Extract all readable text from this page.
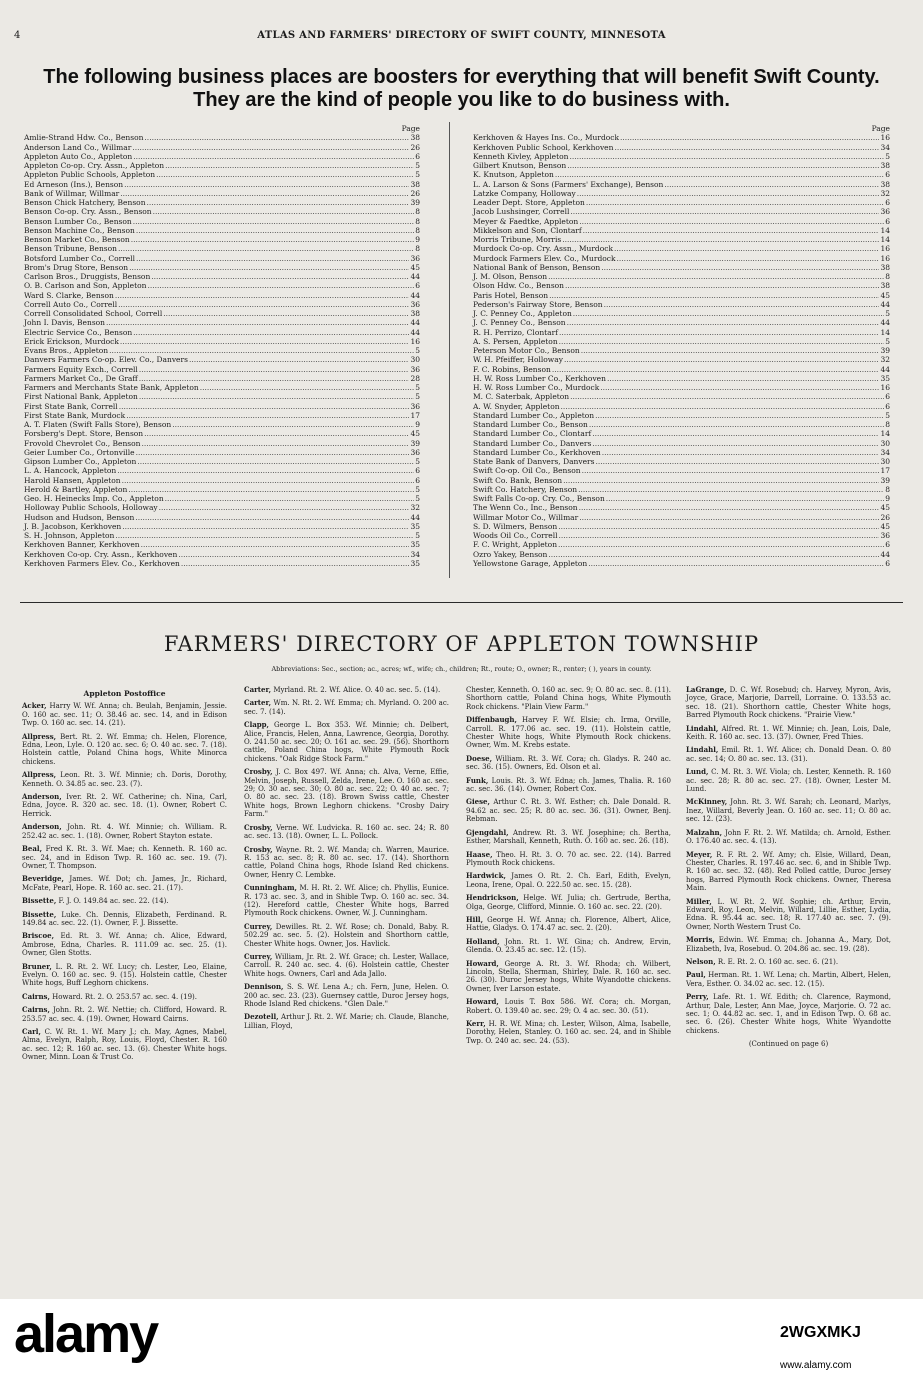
4	ATLAS AND FARMERS' DIRECTORY OF SWIFT COUNTY, MINNESOTA
The following business places are boosters for everything that will benefit Swift County. They are the kind of people you like to do business with.
Page
Amlie-Strand Hdw. Co., Benson .....	38
Anderson Land Co., Willmar .....	26
Appleton Auto Co., Appleton .....	6
Appleton Co-op. Cry. Assn., Appleton .....	5
Appleton Public Schools, Appleton .....	5
Ed Arneson (Ins.), Benson .....	38
Bank of Willmar, Willmar .....	26
Benson Chick Hatchery, Benson .....	39
Benson Co-op. Cry. Assn., Benson .....	8
Benson Lumber Co., Benson .....	8
Benson Machine Co., Benson .....	8
Benson Market Co., Benson .....	9
Benson Tribune, Benson .....	8
Botsford Lumber Co., Correll .....	36
Brom's Drug Store, Benson .....	45
Carlson Bros., Druggists, Benson .....	44
O. B. Carlson and Son, Appleton .....	6
Ward S. Clarke, Benson .....	44
Correll Auto Co., Correll .....	36
Correll Consolidated School, Correll .....	38
John I. Davis, Benson .....	44
Electric Service Co., Benson .....	44
Erick Erickson, Murdock .....	16
Evans Bros., Appleton .....	5
Danvers Farmers Co-op. Elev. Co., Danvers .....	30
Farmers Equity Exch., Correll .....	36
Farmers Market Co., De Graff .....	28
Farmers and Merchants State Bank, Appleton .....	5
First National Bank, Appleton .....	5
First State Bank, Correll .....	36
First State Bank, Murdock .....	17
A. T. Flaten (Swift Falls Store), Benson .....	9
Forsberg's Dept. Store, Benson .....	45
Frovold Chevrolet Co., Benson .....	39
Geier Lumber Co., Ortonville .....	36
Gipson Lumber Co., Appleton .....	5
L. A. Hancock, Appleton .....	6
Harold Hansen, Appleton .....	6
Herold & Bartley, Appleton .....	5
Geo. H. Heinecks Imp. Co., Appleton .....	5
Holloway Public Schools, Holloway .....	32
Hudson and Hudson, Benson .....	44
J. B. Jacobson, Kerkhoven .....	35
S. H. Johnson, Appleton .....	5
Kerkhoven Banner, Kerkhoven .....	35
Kerkhoven Co-op. Cry. Assn., Kerkhoven .....	34
Kerkhoven Farmers Elev. Co., Kerkhoven .....	35
Page
Kerkhoven & Hayes Ins. Co., Murdock .....	16
Kerkhoven Public School, Kerkhoven .....	34
Kenneth Kivley, Appleton .....	5
Gilbert Knutson, Benson .....	38
K. Knutson, Appleton .....	6
L. A. Larson & Sons (Farmers' Exchange), Benson .....	38
Latzke Company, Holloway .....	32
Leader Dept. Store, Appleton .....	6
Jacob Lushsinger, Correll .....	36
Meyer & Faedtke, Appleton .....	6
Mikkelson and Son, Clontarf .....	14
Morris Tribune, Morris .....	14
Murdock Co-op. Cry. Assn., Murdock .....	16
Murdock Farmers Elev. Co., Murdock .....	16
National Bank of Benson, Benson .....	38
J. M. Olson, Benson .....	8
Olson Hdw. Co., Benson .....	38
Paris Hotel, Benson .....	45
Pederson's Fairway Store, Benson .....	44
J. C. Penney Co., Appleton .....	5
J. C. Penney Co., Benson .....	44
R. H. Perrizo, Clontarf .....	14
A. S. Persen, Appleton .....	5
Peterson Motor Co., Benson .....	39
W. H. Pfeiffer, Holloway .....	32
F. C. Robins, Benson .....	44
H. W. Ross Lumber Co., Kerkhoven .....	35
H. W. Ross Lumber Co., Murdock .....	16
M. C. Saterbak, Appleton .....	6
A. W. Snyder, Appleton .....	6
Standard Lumber Co., Appleton .....	5
Standard Lumber Co., Benson .....	8
Standard Lumber Co., Clontarf .....	14
Standard Lumber Co., Danvers .....	30
Standard Lumber Co., Kerkhoven .....	34
State Bank of Danvers, Danvers .....	30
Swift Co-op. Oil Co., Benson .....	17
Swift Co. Bank, Benson .....	39
Swift Co. Hatchery, Benson .....	8
Swift Falls Co-op. Cry. Co., Benson .....	9
The Wenn Co., Inc., Benson .....	45
Willmar Motor Co., Willmar .....	26
S. D. Wilmers, Benson .....	45
Woods Oil Co., Correll .....	36
F. C. Wright, Appleton .....	6
Ozro Yakey, Benson .....	44
Yellowstone Garage, Appleton .....	6
FARMERS' DIRECTORY OF APPLETON TOWNSHIP
Abbreviations: Sec., section; ac., acres; wf., wife; ch., children; Rt., route; O., owner; R., renter; ( ), years in county.
Appleton Postoffice
Acker, Harry W. Wf. Anna; ch. Beulah, Benjamin, Jessie. O. 160 ac. sec. 11; O. 38.46 ac. sec. 14, and in Edison Twp. O. 160 ac. sec. 14. (21).
Allpress, Bert. Rt. 2. Wf. Emma; ch. Helen, Florence, Edna, Leon, Lyle. O. 120 ac. sec. 6; O. 40 ac. sec. 7. (18). Holstein cattle, Poland China hogs, White Minorca chickens.
Allpress, Leon. Rt. 3. Wf. Minnie; ch. Doris, Dorothy, Kenneth. O. 34.85 ac. sec. 23. (7).
Anderson, Iver. Rt. 2. Wf. Catherine; ch. Nina, Carl, Edna, Joyce. R. 320 ac. sec. 18. (1). Owner, Robert C. Herrick.
Anderson, John. Rt. 4. Wf. Minnie; ch. William. R. 252.42 ac. sec. 1. (18). Owner, Robert Stayton estate.
Beal, Fred K. Rt. 3. Wf. Mae; ch. Kenneth. R. 160 ac. sec. 24, and in Edison Twp. R. 160 ac. sec. 19. (7). Owner, T. Thompson.
Beveridge, James. Wf. Dot; ch. James, Jr., Richard, McFate, Pearl, Hope. R. 160 ac. sec. 21. (17).
Bissette, F. J. O. 149.84 ac. sec. 22. (14).
Bissette, Luke. Ch. Dennis, Elizabeth, Ferdinand. R. 149.84 ac. sec. 22. (1). Owner, F. J. Bissette.
Briscoe, Ed. Rt. 3. Wf. Anna; ch. Alice, Edward, Ambrose, Edna, Charles. R. 111.09 ac. sec. 25. (1). Owner, Glen Stotts.
Bruner, L. R. Rt. 2. Wf. Lucy; ch. Lester, Leo, Elaine, Evelyn. O. 160 ac. sec. 9. (15). Holstein cattle, Chester White hogs, Buff Leghorn chickens.
Cairns, Howard. Rt. 2. O. 253.57 ac. sec. 4. (19).
Cairns, John. Rt. 2. Wf. Nettie; ch. Clifford, Howard. R. 253.57 ac. sec. 4. (19). Owner, Howard Cairns.
Carl, C. W. Rt. 1. Wf. Mary J.; ch. May, Agnes, Mabel, Alma, Evelyn, Ralph, Roy, Louis, Floyd, Chester. R. 160 ac. sec. 12; R. 160 ac. sec. 13. (6). Chester White hogs. Owner, Minn. Loan & Trust Co.
Carter, Myrland. Rt. 2. Wf. Alice. O. 40 ac. sec. 5. (14).
Carter, Wm. N. Rt. 2. Wf. Emma; ch. Myrland. O. 200 ac. sec. 7. (14).
Clapp, George L. Box 353. Wf. Minnie; ch. Delbert, Alice, Francis, Helen, Anna, Lawrence, Georgia, Dorothy. O. 241.50 ac. sec. 20; O. 161 ac. sec. 29. (56). Shorthorn cattle, Poland China hogs, White Plymouth Rock chickens. "Oak Ridge Stock Farm."
Crosby, J. C. Box 497. Wf. Anna; ch. Alva, Verne, Effie, Melvin, Joseph, Russell, Zelda, Irene, Lee. O. 160 ac. sec. 29; O. 30 ac. sec. 30; O. 80 ac. sec. 22; O. 40 ac. sec. 7; O. 80 ac. sec. 23. (18). Brown Swiss cattle, Chester White hogs, Brown Leghorn chickens. "Crosby Dairy Farm."
Crosby, Verne. Wf. Ludvicka. R. 160 ac. sec. 24; R. 80 ac. sec. 13. (18). Owner, L. L. Pollock.
Crosby, Wayne. Rt. 2. Wf. Manda; ch. Warren, Maurice. R. 153 ac. sec. 8; R. 80 ac. sec. 17. (14). Shorthorn cattle, Poland China hogs, Rhode Island Red chickens. Owner, Henry C. Lembke.
Cunningham, M. H. Rt. 2. Wf. Alice; ch. Phyllis, Eunice. R. 173 ac. sec. 3, and in Shible Twp. O. 160 ac. sec. 34. (12). Hereford cattle, Chester White hogs, Barred Plymouth Rock chickens. Owner, W. J. Cunningham.
Currey, Dewilles. Rt. 2. Wf. Rose; ch. Donald, Baby. R. 502.29 ac. sec. 5. (2). Holstein and Shorthorn cattle, Chester White hogs. Owner, Jos. Havlick.
Currey, William, Jr. Rt. 2. Wf. Grace; ch. Lester, Wallace, Carroll. R. 240 ac. sec. 4. (6). Holstein cattle, Chester White hogs. Owners, Carl and Ada Jallo.
Dennison, S. S. Wf. Lena A.; ch. Fern, June, Helen. O. 200 ac. sec. 23. (23). Guernsey cattle, Duroc Jersey hogs, Rhode Island Red chickens. "Glen Dale."
Dezotell, Arthur J. Rt. 2. Wf. Marie; ch. Claude, Blanche, Lillian, Floyd,
Chester, Kenneth. O. 160 ac. sec. 9; O. 80 ac. sec. 8. (11). Shorthorn cattle, Poland China hogs, White Plymouth Rock chickens. "Plain View Farm."
Diffenbaugh, Harvey F. Wf. Elsie; ch. Irma, Orville, Carroll. R. 177.06 ac. sec. 19. (11). Holstein cattle, Chester White hogs, White Plymouth Rock chickens. Owner, Wm. M. Krebs estate.
Doese, William. Rt. 3. Wf. Cora; ch. Gladys. R. 240 ac. sec. 36. (15). Owners, Ed. Olson et al.
Funk, Louis. Rt. 3. Wf. Edna; ch. James, Thalia. R. 160 ac. sec. 36. (14). Owner, Robert Cox.
Giese, Arthur C. Rt. 3. Wf. Esther; ch. Dale Donald. R. 94.62 ac. sec. 25; R. 80 ac. sec. 36. (31). Owner, Benj. Rebman.
Gjengdahl, Andrew. Rt. 3. Wf. Josephine; ch. Bertha, Esther, Marshall, Kenneth, Ruth. O. 160 ac. sec. 26. (18).
Haase, Theo. H. Rt. 3. O. 70 ac. sec. 22. (14). Barred Plymouth Rock chickens.
Hardwick, James O. Rt. 2. Ch. Earl, Edith, Evelyn, Leona, Irene, Opal. O. 222.50 ac. sec. 15. (28).
Hendrickson, Helge. Wf. Julia; ch. Gertrude, Bertha, Olga, George, Clifford, Minnie. O. 160 ac. sec. 22. (20).
Hill, George H. Wf. Anna; ch. Florence, Albert, Alice, Hattie, Gladys. O. 174.47 ac. sec. 2. (20).
Holland, John. Rt. 1. Wf. Gina; ch. Andrew, Ervin, Glenda. O. 23.45 ac. sec. 12. (15).
Howard, George A. Rt. 3. Wf. Rhoda; ch. Wilbert, Lincoln, Stella, Sherman, Shirley, Dale. R. 160 ac. sec. 26. (30). Duroc Jersey hogs, White Wyandotte chickens. Owner, Iver Larson estate.
Howard, Louis T. Box 586. Wf. Cora; ch. Morgan, Robert. O. 139.40 ac. sec. 29; O. 4 ac. sec. 30. (51).
Kerr, H. R. Wf. Mina; ch. Lester, Wilson, Alma, Isabelle, Dorothy, Helen, Stanley. O. 160 ac. sec. 24, and in Shible Twp. O. 240 ac. sec. 24. (53).
LaGrange, D. C. Wf. Rosebud; ch. Harvey, Myron, Avis, Joyce, Grace, Marjorie, Darrell, Lorraine. O. 133.53 ac. sec. 18. (21). Shorthorn cattle, Chester White hogs, Barred Plymouth Rock chickens. "Prairie View."
Lindahl, Alfred. Rt. 1. Wf. Minnie; ch. Jean, Lois, Dale, Keith. R. 160 ac. sec. 13. (37). Owner, Fred Thies.
Lindahl, Emil. Rt. 1. Wf. Alice; ch. Donald Dean. O. 80 ac. sec. 14; O. 80 ac. sec. 13. (31).
Lund, C. M. Rt. 3. Wf. Viola; ch. Lester, Kenneth. R. 160 ac. sec. 28; R. 80 ac. sec. 27. (18). Owner, Lester M. Lund.
McKinney, John. Rt. 3. Wf. Sarah; ch. Leonard, Marlys, Inez, Willard, Beverly Jean. O. 160 ac. sec. 11; O. 80 ac. sec. 12. (23).
Malzahn, John F. Rt. 2. Wf. Matilda; ch. Arnold, Esther. O. 176.40 ac. sec. 4. (13).
Meyer, R. F. Rt. 2. Wf. Amy; ch. Elsie, Willard, Dean, Chester, Charles. R. 197.46 ac. sec. 6, and in Shible Twp. R. 160 ac. sec. 32. (48). Red Polled cattle, Duroc Jersey hogs, Barred Plymouth Rock chickens. Owner, Theresa Main.
Miller, L. W. Rt. 2. Wf. Sophie; ch. Arthur, Ervin, Edward, Roy, Leon, Melvin, Willard, Lillie, Esther, Lydia, Edna. R. 95.44 ac. sec. 18; R. 177.40 ac. sec. 7. (9). Owner, North Western Trust Co.
Morris, Edwin. Wf. Emma; ch. Johanna A., Mary, Dot, Elizabeth, Iva, Rosebud. O. 204.86 ac. sec. 19. (28).
Nelson, R. E. Rt. 2. O. 160 ac. sec. 6. (21).
Paul, Herman. Rt. 1. Wf. Lena; ch. Martin, Albert, Helen, Vera, Esther. O. 34.02 ac. sec. 12. (15).
Perry, Lafe. Rt. 1. Wf. Edith; ch. Clarence, Raymond, Arthur, Dale, Lester, Ann Mae, Joyce, Marjorie. O. 72 ac. sec. 1; O. 44.82 ac. sec. 1, and in Edison Twp. O. 68 ac. sec. 6. (26). Chester White hogs, White Wyandotte chickens.
(Continued on page 6)
alamy	2WGXMKJ
www.alamy.com
